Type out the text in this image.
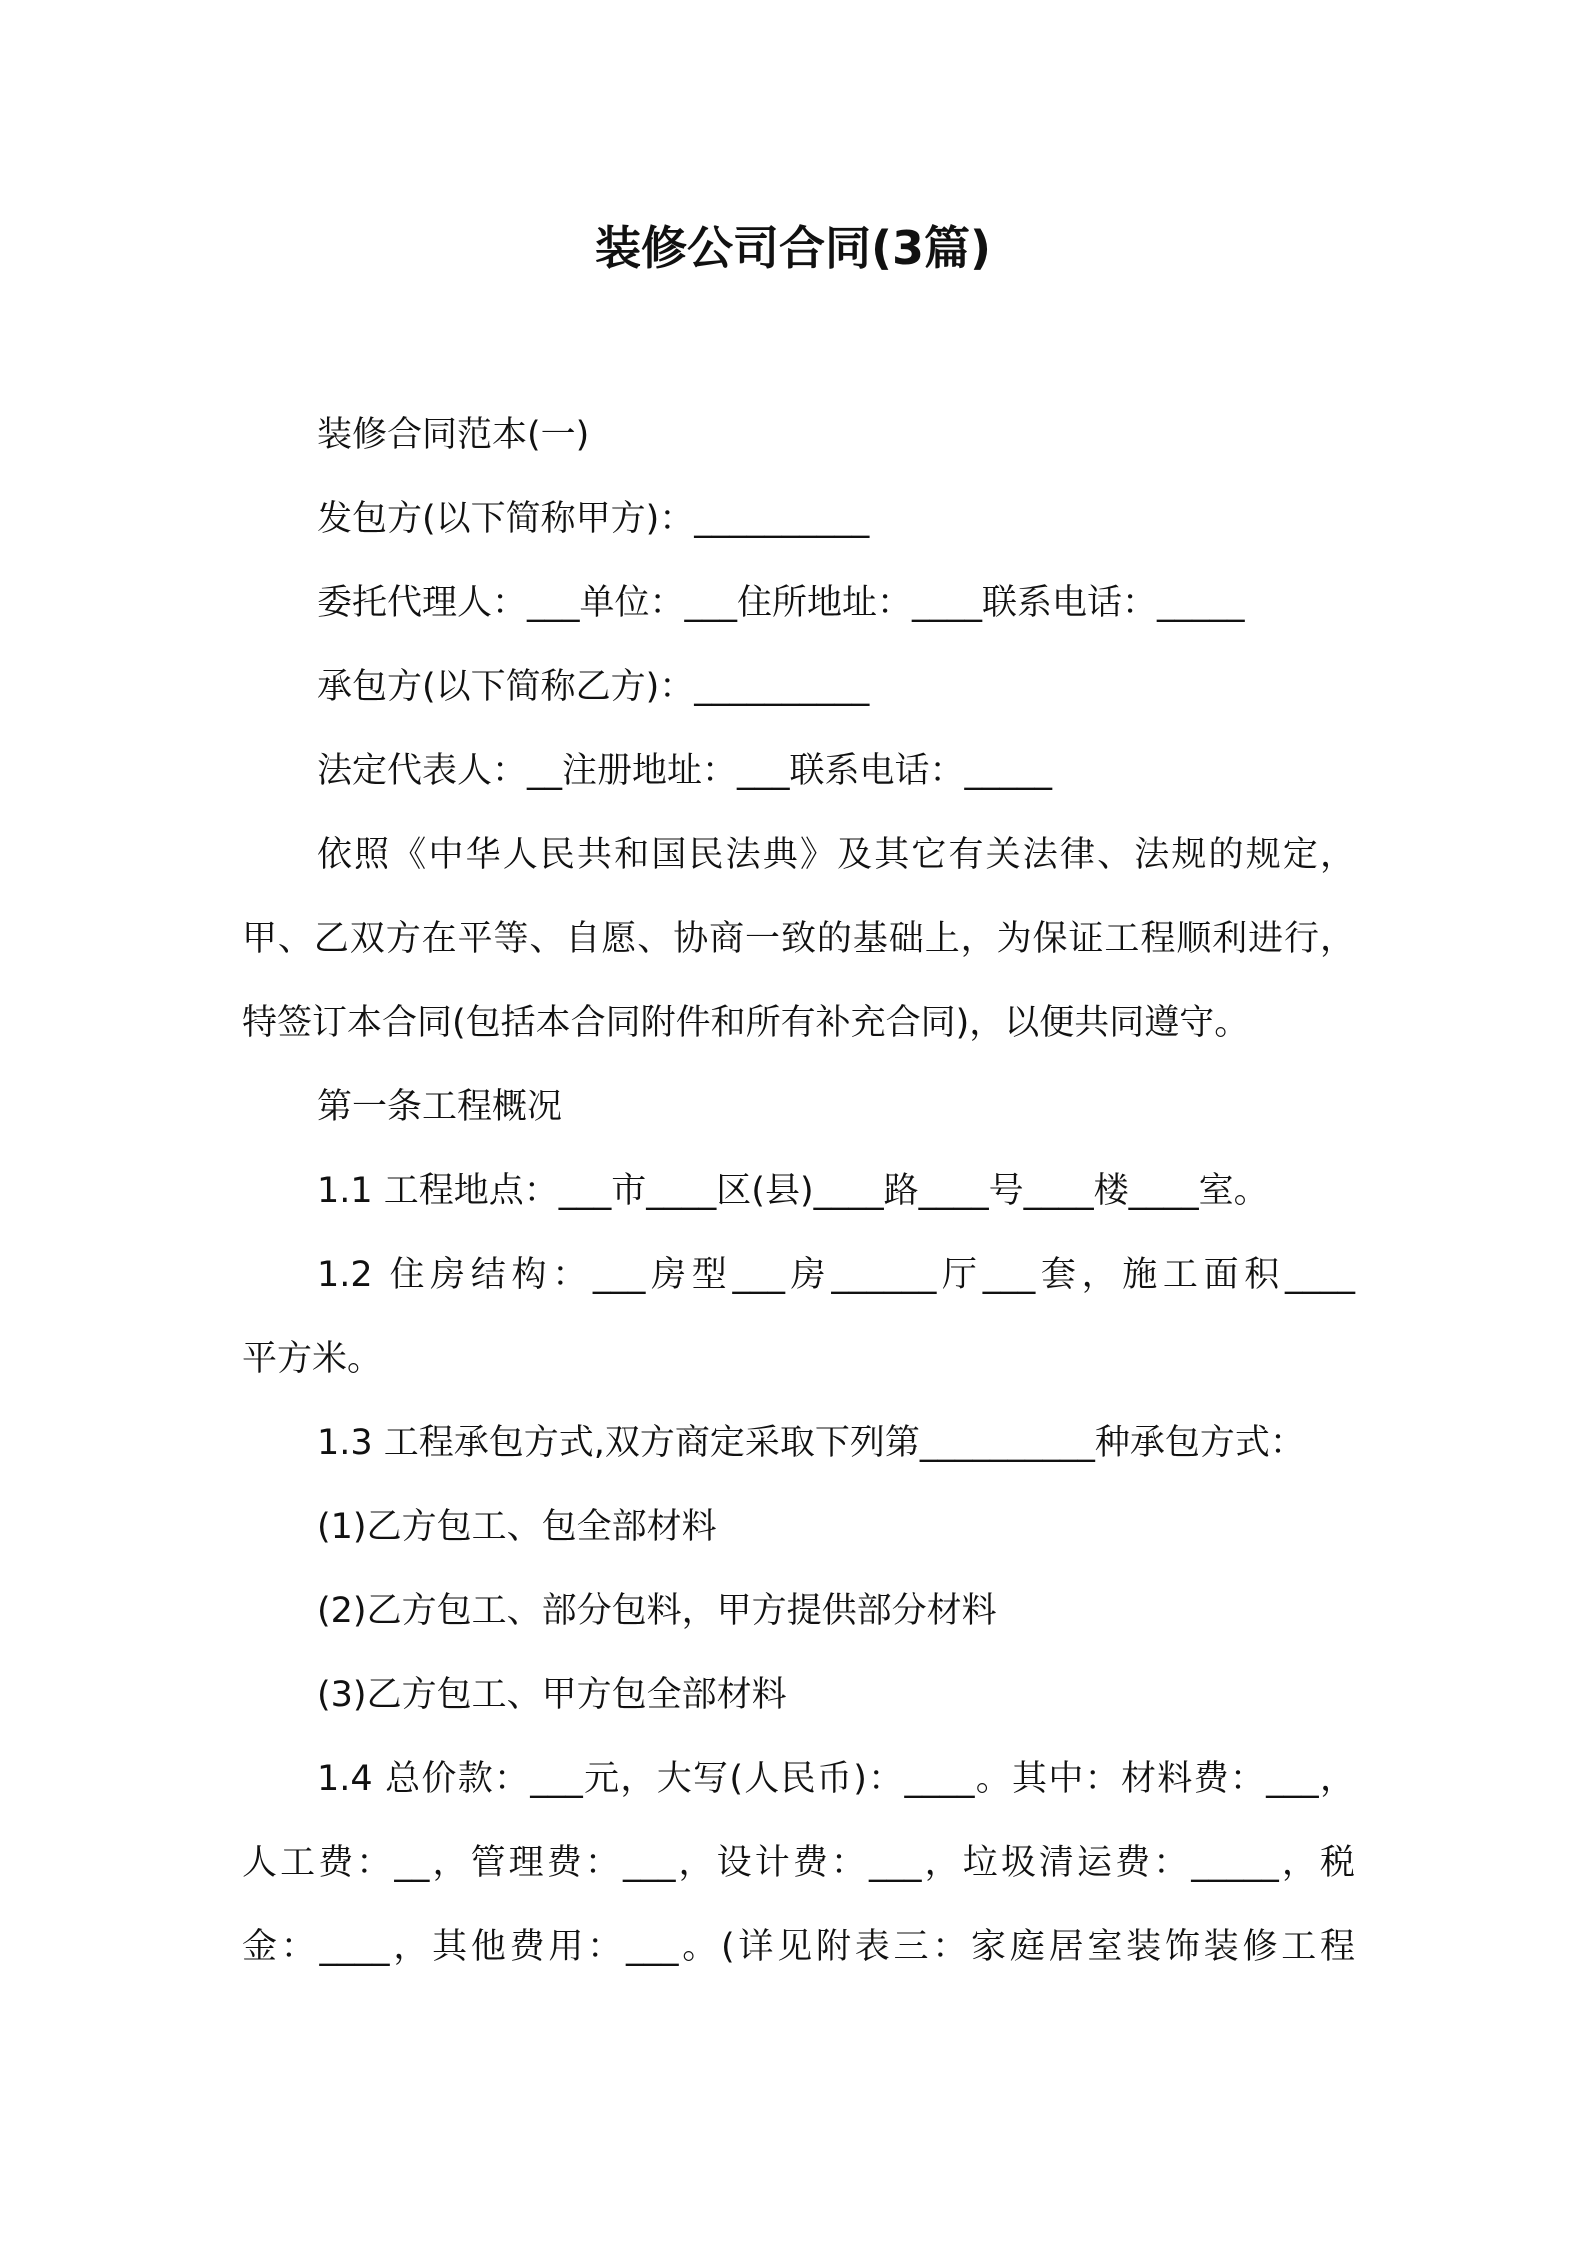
装修公司合同(3篇)
装修合同范本(一)
发包方(以下简称甲方)：__________
委托代理人：___单位：___住所地址：____联系电话：_____
承包方(以下简称乙方)：__________
法定代表人：__注册地址：___联系电话：_____
依照《中华人民共和国民法典》及其它有关法律、法规的规定，
甲、乙双方在平等、自愿、协商一致的基础上，为保证工程顺利进行，
特签订本合同(包括本合同附件和所有补充合同)，以便共同遵守。
第一条工程概况
1.1 工程地点：___市____区(县)____路____号____楼____室。
1.2 住房结构：___房型___房______厅___套，施工面积____
平方米。
1.3 工程承包方式,双方商定采取下列第__________种承包方式：
(1)乙方包工、包全部材料
(2)乙方包工、部分包料，甲方提供部分材料
(3)乙方包工、甲方包全部材料
1.4 总价款：___元，大写(人民币)：____。其中：材料费：___，
人工费：__，管理费：___，设计费：___，垃圾清运费：_____，税
金：____，其他费用：___。(详见附表三：家庭居室装饰装修工程
